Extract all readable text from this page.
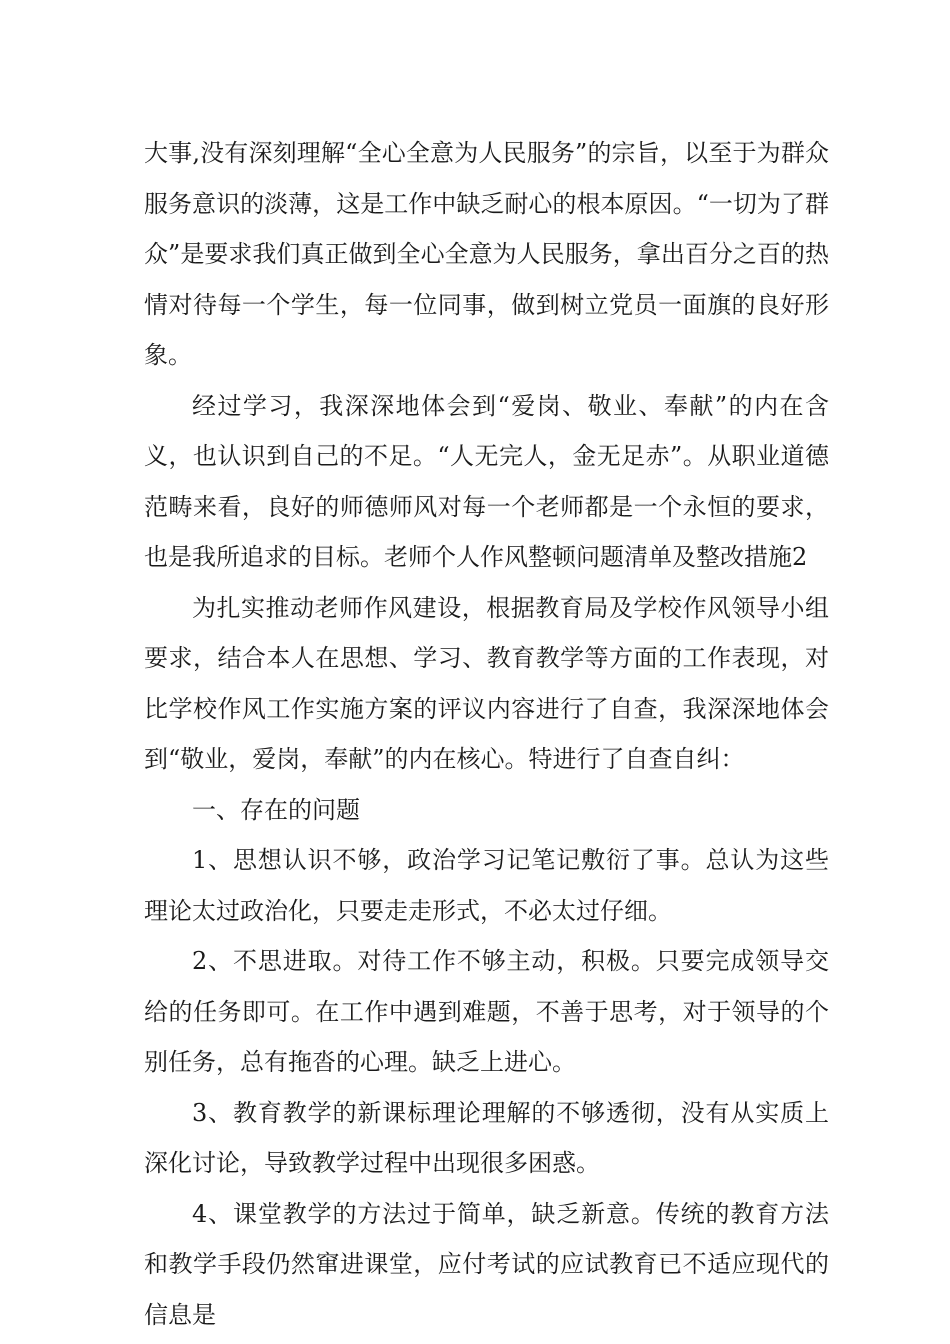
大事,没有深刻理解“全心全意为人民服务”的宗旨，以至于为群众服务意识的淡薄，这是工作中缺乏耐心的根本原因。“一切为了群众”是要求我们真正做到全心全意为人民服务，拿出百分之百的热情对待每一个学生，每一位同事，做到树立党员一面旗的良好形象。

经过学习，我深深地体会到“爱岗、敬业、奉献”的内在含义，也认识到自己的不足。“人无完人，金无足赤”。从职业道德范畴来看，良好的师德师风对每一个老师都是一个永恒的要求，也是我所追求的目标。老师个人作风整顿问题清单及整改措施2

为扎实推动老师作风建设，根据教育局及学校作风领导小组要求，结合本人在思想、学习、教育教学等方面的工作表现，对比学校作风工作实施方案的评议内容进行了自查，我深深地体会到“敬业，爱岗，奉献”的内在核心。特进行了自查自纠：

一、存在的问题

1、思想认识不够，政治学习记笔记敷衍了事。总认为这些理论太过政治化，只要走走形式，不必太过仔细。

2、不思进取。对待工作不够主动，积极。只要完成领导交给的任务即可。在工作中遇到难题，不善于思考，对于领导的个别任务，总有拖沓的心理。缺乏上进心。

3、教育教学的新课标理论理解的不够透彻，没有从实质上深化讨论，导致教学过程中出现很多困惑。

4、课堂教学的方法过于简单，缺乏新意。传统的教育方法和教学手段仍然窜进课堂，应付考试的应试教育已不适应现代的信息是
